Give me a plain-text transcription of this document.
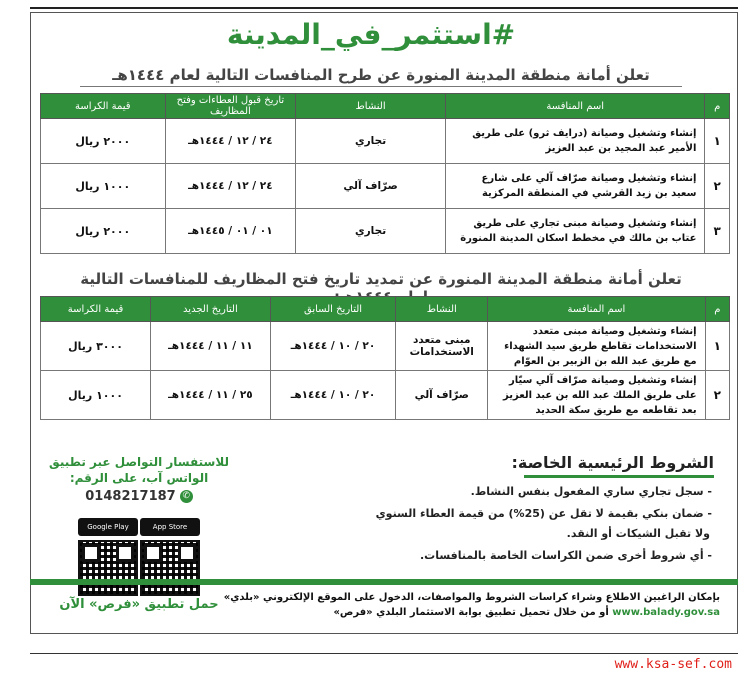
#استثمر_في_المدينة
تعلن أمانة منطقة المدينة المنورة عن طرح المنافسات التالية لعام ١٤٤٤هـ
م	اسم المنافسة	النشاط	تاريخ قبول العطاءات وفتح المظاريف	قيمة الكراسة
١	إنشاء وتشغيل وصيانة (درايف ثرو) على طريق الأمير عبد المجيد بن عبد العزيز	تجاري	٢٤ / ١٢ / ١٤٤٤هـ	٢٠٠٠ ريال
٢	إنشاء وتشغيل وصيانة صرّاف آلي على شارع سعيد بن زيد القرشي في المنطقة المركزية	صرّاف آلي	٢٤ / ١٢ / ١٤٤٤هـ	١٠٠٠ ريال
٣	إنشاء وتشغيل وصيانة مبنى تجاري على طريق عتاب بن مالك في مخطط اسكان المدينة المنورة	تجاري	٠١ / ٠١ / ١٤٤٥هـ	٢٠٠٠ ريال
تعلن أمانة منطقة المدينة المنورة عن تمديد تاريخ فتح المظاريف للمنافسات التالية
م	اسم المنافسة	النشاط	التاريخ السابق	التاريخ الجديد	قيمة الكراسة
١	إنشاء وتشغيل وصيانة مبنى متعدد الاستخدامات تقاطع طريق سيد الشهداء مع طريق عبد الله بن الزبير بن العوّام	مبنى متعدد الاستخدامات	٢٠ / ١٠ / ١٤٤٤هـ	١١ / ١١ / ١٤٤٤هـ	٣٠٠٠ ريال
٢	إنشاء وتشغيل وصيانة صرّاف آلي سيّار على طريق الملك عبد الله بن عبد العزيز بعد تقاطعه مع طريق سكة الحديد	صرّاف آلي	٢٠ / ١٠ / ١٤٤٤هـ	٢٥ / ١١ / ١٤٤٤هـ	١٠٠٠ ريال
الشروط الرئيسية الخاصة:
- سجل تجاري ساري المفعول بنفس النشاط.
- ضمان بنكي بقيمة لا تقل عن (25%) من قيمة العطاء السنوي
ولا تقبل الشيكات أو النقد.
- أي شروط أخرى ضمن الكراسات الخاصة بالمنافسات.
للاستفسار التواصل عبر تطبيق
الواتس آب، على الرقم:
✆0148217187
Google Play	App Store
حمل تطبيق «فرص» الآن بإمكان الراغبين الاطلاع وشراء كراسات الشروط والمواصفات، الدخول على الموقع الإلكتروني «بلدي»
www.balady.gov.sa أو من خلال تحميل تطبيق بوابة الاستثمار البلدي «فرص»
www.ksa-sef.com
